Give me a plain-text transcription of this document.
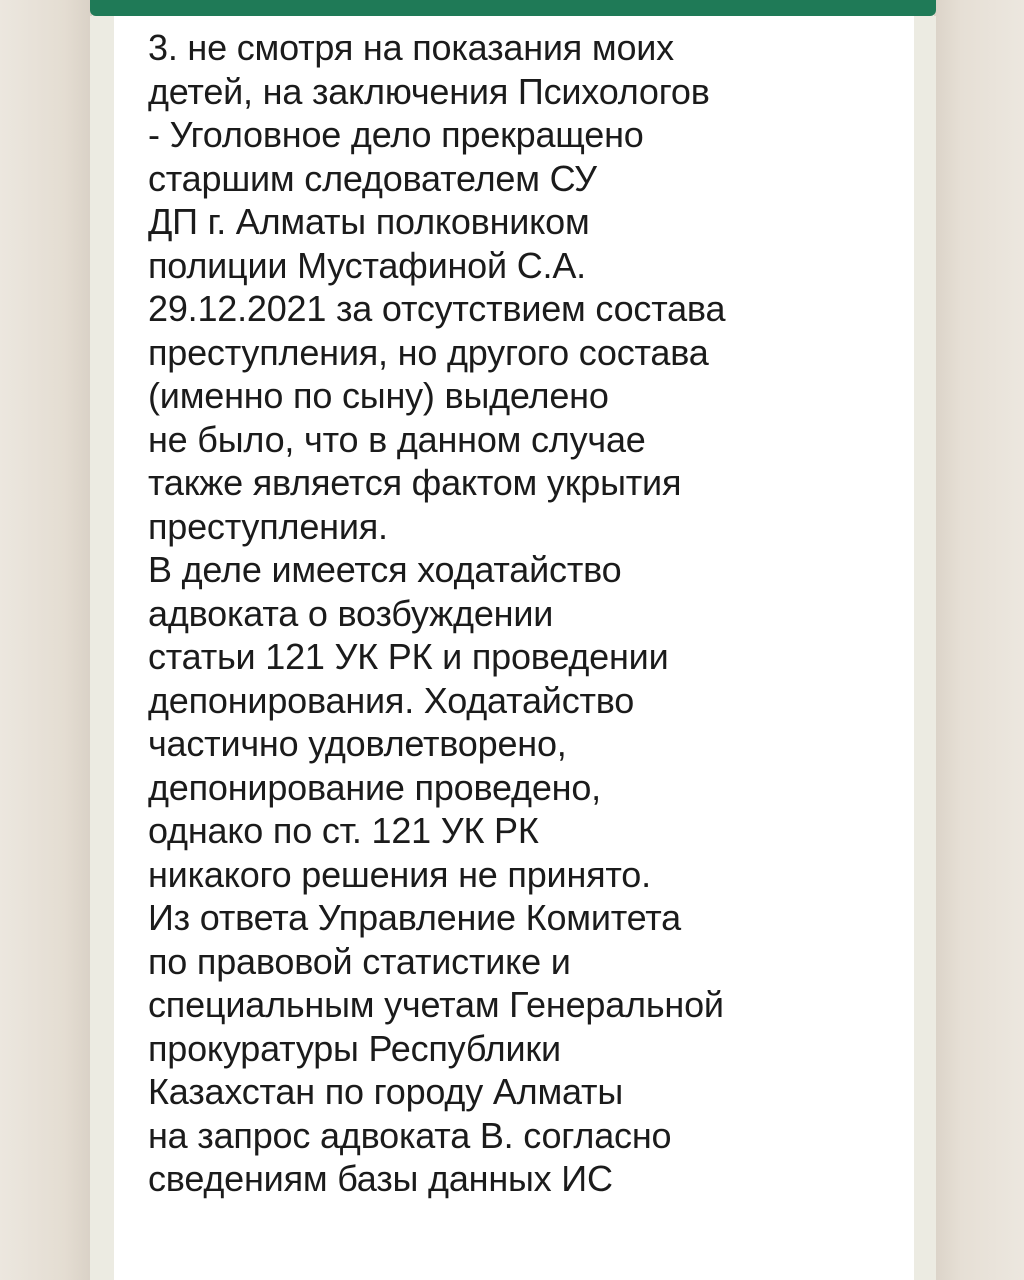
3. не смотря на показания моих
детей, на заключения Психологов
- Уголовное дело прекращено
старшим следователем СУ
ДП г. Алматы полковником
полиции Мустафиной С.А.
29.12.2021 за отсутствием состава
преступления, но другого состава
(именно по сыну) выделено
не было, что в данном случае
также является фактом укрытия
преступления.
В деле имеется ходатайство
адвоката о возбуждении
статьи 121 УК РК и проведении
депонирования. Ходатайство
частично удовлетворено,
депонирование проведено,
однако по ст. 121 УК РК
никакого решения не принято.
Из ответа Управление Комитета
по правовой статистике и
специальным учетам Генеральной
прокуратуры Республики
Казахстан по городу Алматы
на запрос адвоката В. согласно
сведениям базы данных ИС
